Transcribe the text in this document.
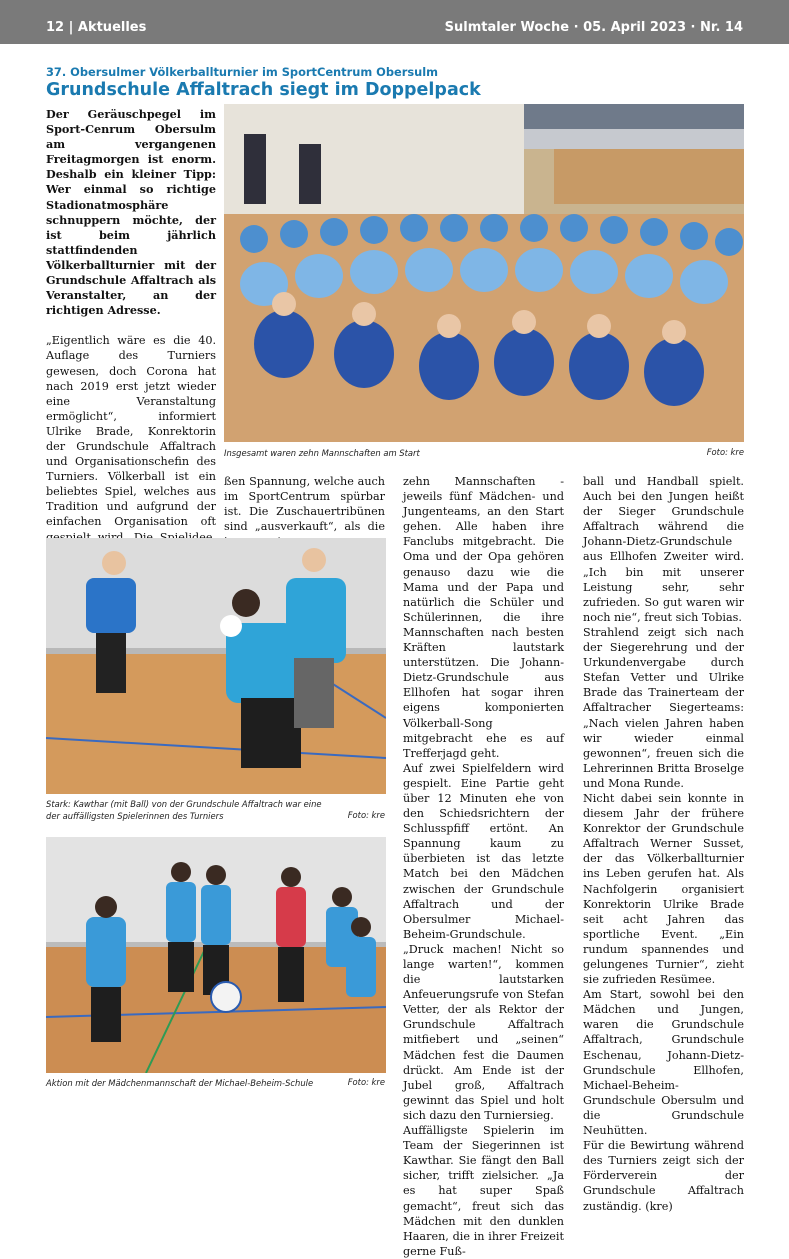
12 | Aktuelles	Sulmtaler Woche · 05. April 2023 · Nr. 14
37. Obersulmer Völkerballturnier im SportCentrum Obersulm
Grundschule Affaltrach siegt im Doppelpack

Der Geräuschpegel im Sport-Cenrum Obersulm am vergangenen Freitagmorgen ist enorm. Deshalb ein kleiner Tipp: Wer einmal so richtige Stadionatmosphäre schnuppern möchte, der ist beim jährlich stattfindenden Völkerballturnier mit der Grundschule Affaltrach als Veranstalter, an der richtigen Adresse.

„Eigentlich wäre es die 40. Auflage des Turniers gewesen, doch Corona hat nach 2019 erst jetzt wieder eine Veranstaltung ermöglicht“, informiert Ulrike Brade, Konrektorin der Grundschule Affaltrach und Organisationschefin des Turniers. Völkerball ist ein beliebtes Spiel, welches aus Tradition und aufgrund der einfachen Organisation oft

Insgesamt waren zehn Mannschaften am Start	Foto: kre

ßen Spannung, welche auch im SportCentrum spürbar ist. Die Zuschauertribünen sind „ausverkauft“, als die

Stark: Kawthar (mit Ball) von der Grundschule Affaltrach war eine der auffälligsten Spielerinnen des Turniers	Foto: kre
Aktion mit der Mädchenmannschaft der Michael-Beheim-Schule	Foto: kre

zehn Mannschaften - jeweils fünf Mädchen- und Jungenteams, an den Start gehen. Alle haben ihre Fanclubs mitgebracht. Die Oma und der Opa gehören genauso dazu wie die Mama und der Papa und natürlich die Schüler und Schülerinnen, die ihre Mannschaften nach besten Kräften lautstark unterstützen. Die Johann-Dietz-Grundschule aus Ellhofen hat sogar ihren eigens komponierten Völkerball-Song mitgebracht ehe es auf Trefferjagd geht.

Auf zwei Spielfeldern wird gespielt. Eine Partie geht über 12 Minuten ehe von den Schiedsrichtern der Schlusspfiff ertönt. An Spannung kaum zu überbieten ist das letzte Match bei den Mädchen zwischen der Grundschule Affaltrach und der Obersulmer Michael-Beheim-Grundschule. „Druck machen! Nicht so lange warten!“, kommen die lautstarken Anfeuerungsrufe von Stefan Vetter, der als Rektor der Grundschule Affaltrach mitfiebert und „seinen“ Mädchen fest die Daumen drückt. Am Ende ist der Jubel groß, Affaltrach gewinnt das Spiel und holt sich dazu den Turniersieg.

Auffälligste Spielerin im Team der Siegerinnen ist Kawthar. Sie fängt den Ball sicher, trifft zielsicher. „Ja es hat super Spaß gemacht“, freut sich das Mädchen mit den dunklen Haaren, die in ihrer Freizeit gerne Fuß-

ball und Handball spielt. Auch bei den Jungen heißt der Sieger Grundschule Affaltrach während die Johann-Dietz-Grundschule aus Ellhofen Zweiter wird. „Ich bin mit unserer Leistung sehr, sehr zufrieden. So gut waren wir noch nie“, freut sich Tobias.

Strahlend zeigt sich nach der Siegerehrung und der Urkundenvergabe durch Stefan Vetter und Ulrike Brade das Trainerteam der Affaltracher Siegerteams: „Nach vielen Jahren haben wir wieder einmal gewonnen“, freuen sich die Lehrerinnen Britta Broselge und Mona Runde.

Nicht dabei sein konnte in diesem Jahr der frühere Konrektor der Grundschule Affaltrach Werner Susset, der das Völkerballturnier ins Leben gerufen hat. Als Nachfolgerin organisiert Konrektorin Ulrike Brade seit acht Jahren das sportliche Event. „Ein rundum spannendes und gelungenes Turnier“, zieht sie zufrieden Resümee.

Am Start, sowohl bei den Mädchen und Jungen, waren die Grundschule Affaltrach, Grundschule Eschenau, Johann-Dietz-Grundschule Ellhofen, Michael-Beheim-Grundschule Obersulm und die Grundschule Neuhütten.

Für die Bewirtung während des Turniers zeigt sich der Förderverein der Grundschule Affaltrach zuständig. (kre)
